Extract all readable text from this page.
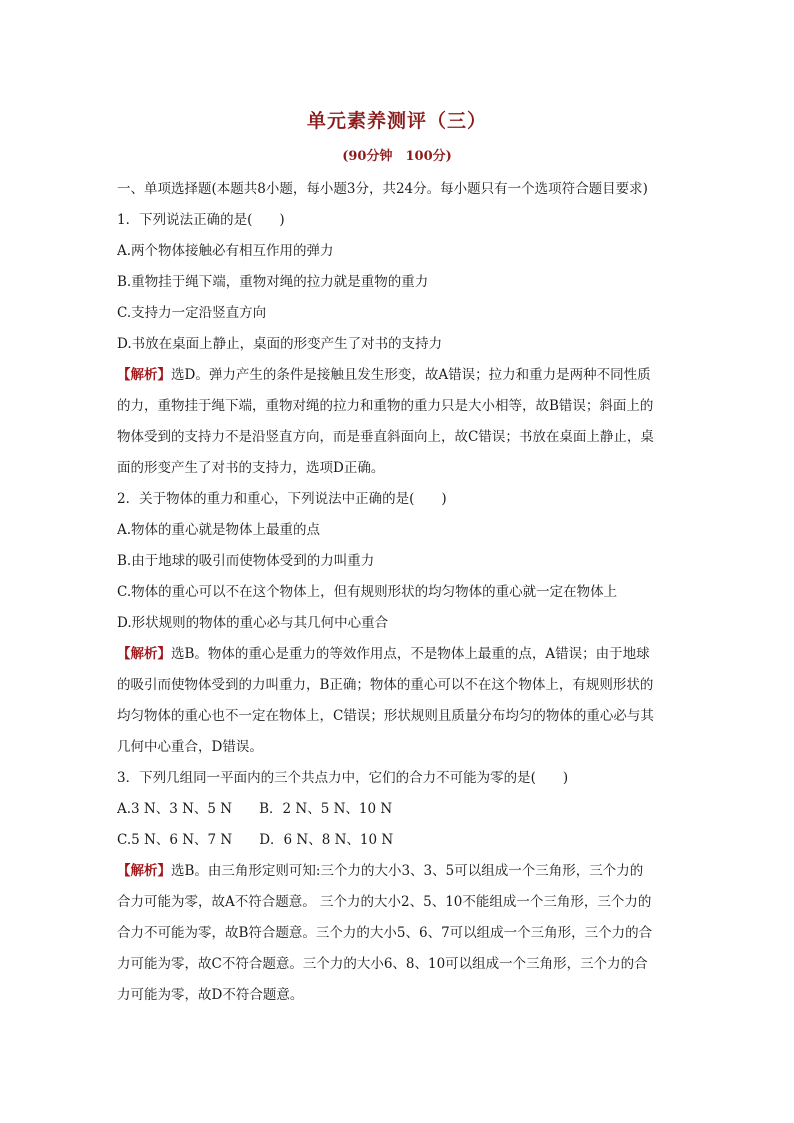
单元素养测评（三）
(90分钟　100分)
一、单项选择题(本题共8小题，每小题3分，共24分。每小题只有一个选项符合题目要求)
1．下列说法正确的是(　　)
A.两个物体接触必有相互作用的弹力
B.重物挂于绳下端，重物对绳的拉力就是重物的重力
C.支持力一定沿竖直方向
D.书放在桌面上静止，桌面的形变产生了对书的支持力
【解析】选D。弹力产生的条件是接触且发生形变，故A错误；拉力和重力是两种不同性质
的力，重物挂于绳下端，重物对绳的拉力和重物的重力只是大小相等，故B错误；斜面上的
物体受到的支持力不是沿竖直方向，而是垂直斜面向上，故C错误；书放在桌面上静止，桌
面的形变产生了对书的支持力，选项D正确。
2．关于物体的重力和重心，下列说法中正确的是(　　)
A.物体的重心就是物体上最重的点
B.由于地球的吸引而使物体受到的力叫重力
C.物体的重心可以不在这个物体上，但有规则形状的均匀物体的重心就一定在物体上
D.形状规则的物体的重心必与其几何中心重合
【解析】选B。物体的重心是重力的等效作用点，不是物体上最重的点，A错误；由于地球
的吸引而使物体受到的力叫重力，B正确；物体的重心可以不在这个物体上，有规则形状的
均匀物体的重心也不一定在物体上，C错误；形状规则且质量分布均匀的物体的重心必与其
几何中心重合，D错误。
3．下列几组同一平面内的三个共点力中，它们的合力不可能为零的是(　　)
A.3 N、3 N、5 N　　B．2 N、5 N、10 N
C.5 N、6 N、7 N　　D．6 N、8 N、10 N
【解析】选B。由三角形定则可知:三个力的大小3、3、5可以组成一个三角形，三个力的
合力可能为零，故A不符合题意。 三个力的大小2、5、10不能组成一个三角形，三个力的
合力不可能为零，故B符合题意。三个力的大小5、6、7可以组成一个三角形，三个力的合
力可能为零，故C不符合题意。三个力的大小6、8、10可以组成一个三角形，三个力的合
力可能为零，故D不符合题意。
